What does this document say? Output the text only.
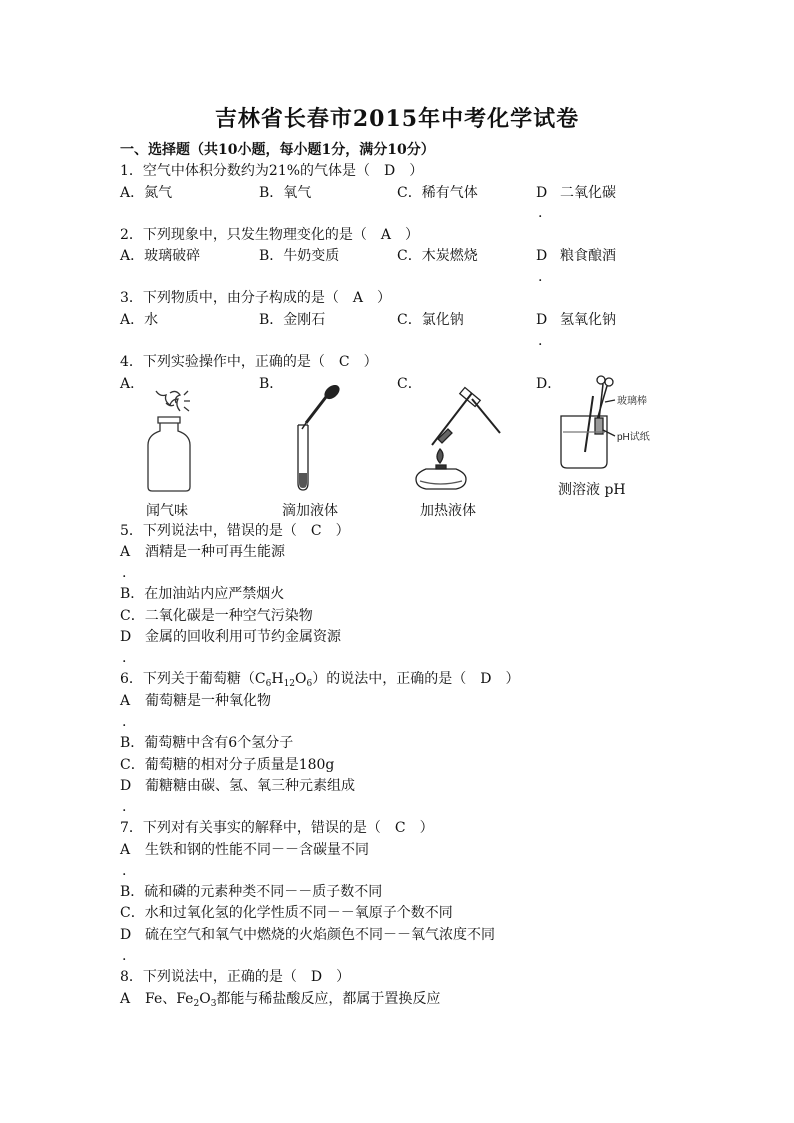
吉林省长春市2015年中考化学试卷
一、选择题（共10小题，每小题1分，满分10分）
1．空气中体积分数约为21%的气体是（　D　）
A．氮气	B．氧气	C．稀有气体	D 二氧化碳
.
2．下列现象中，只发生物理变化的是（　A　）
A．玻璃破碎	B．牛奶变质	C．木炭燃烧	D 粮食酿酒
.
3．下列物质中，由分子构成的是（　A　）
A．水	B．金刚石	C．氯化钠	D 氢氧化钠
.
4．下列实验操作中，正确的是（　C　）
A．	B．	C．	D．
玻璃棒
pH试纸
闻气味	滴加液体	加热液体
测溶液 pH
5．下列说法中，错误的是（　C　）
A 酒精是一种可再生能源
.
B．在加油站内应严禁烟火
C．二氧化碳是一种空气污染物
D 金属的回收利用可节约金属资源
.
6．下列关于葡萄糖$(C_6H_{12}O_6)$的说法中，正确的是（　D　）
A 葡萄糖是一种氧化物
.
B．葡萄糖中含有6个氢分子
C．葡萄糖的相对分子质量是180g
D 葡糖糖由碳、氢、氧三种元素组成
.
7．下列对有关事实的解释中，错误的是（　C　）
A 生铁和钢的性能不同－－含碳量不同
.
B．硫和磷的元素种类不同－－质子数不同
C．水和过氧化氢的化学性质不同－－氧原子个数不同
D 硫在空气和氧气中燃烧的火焰颜色不同－－氧气浓度不同
.
8．下列说法中，正确的是（　D　）
A Fe、$Fe_2O_3$都能与稀盐酸反应，都属于置换反应
